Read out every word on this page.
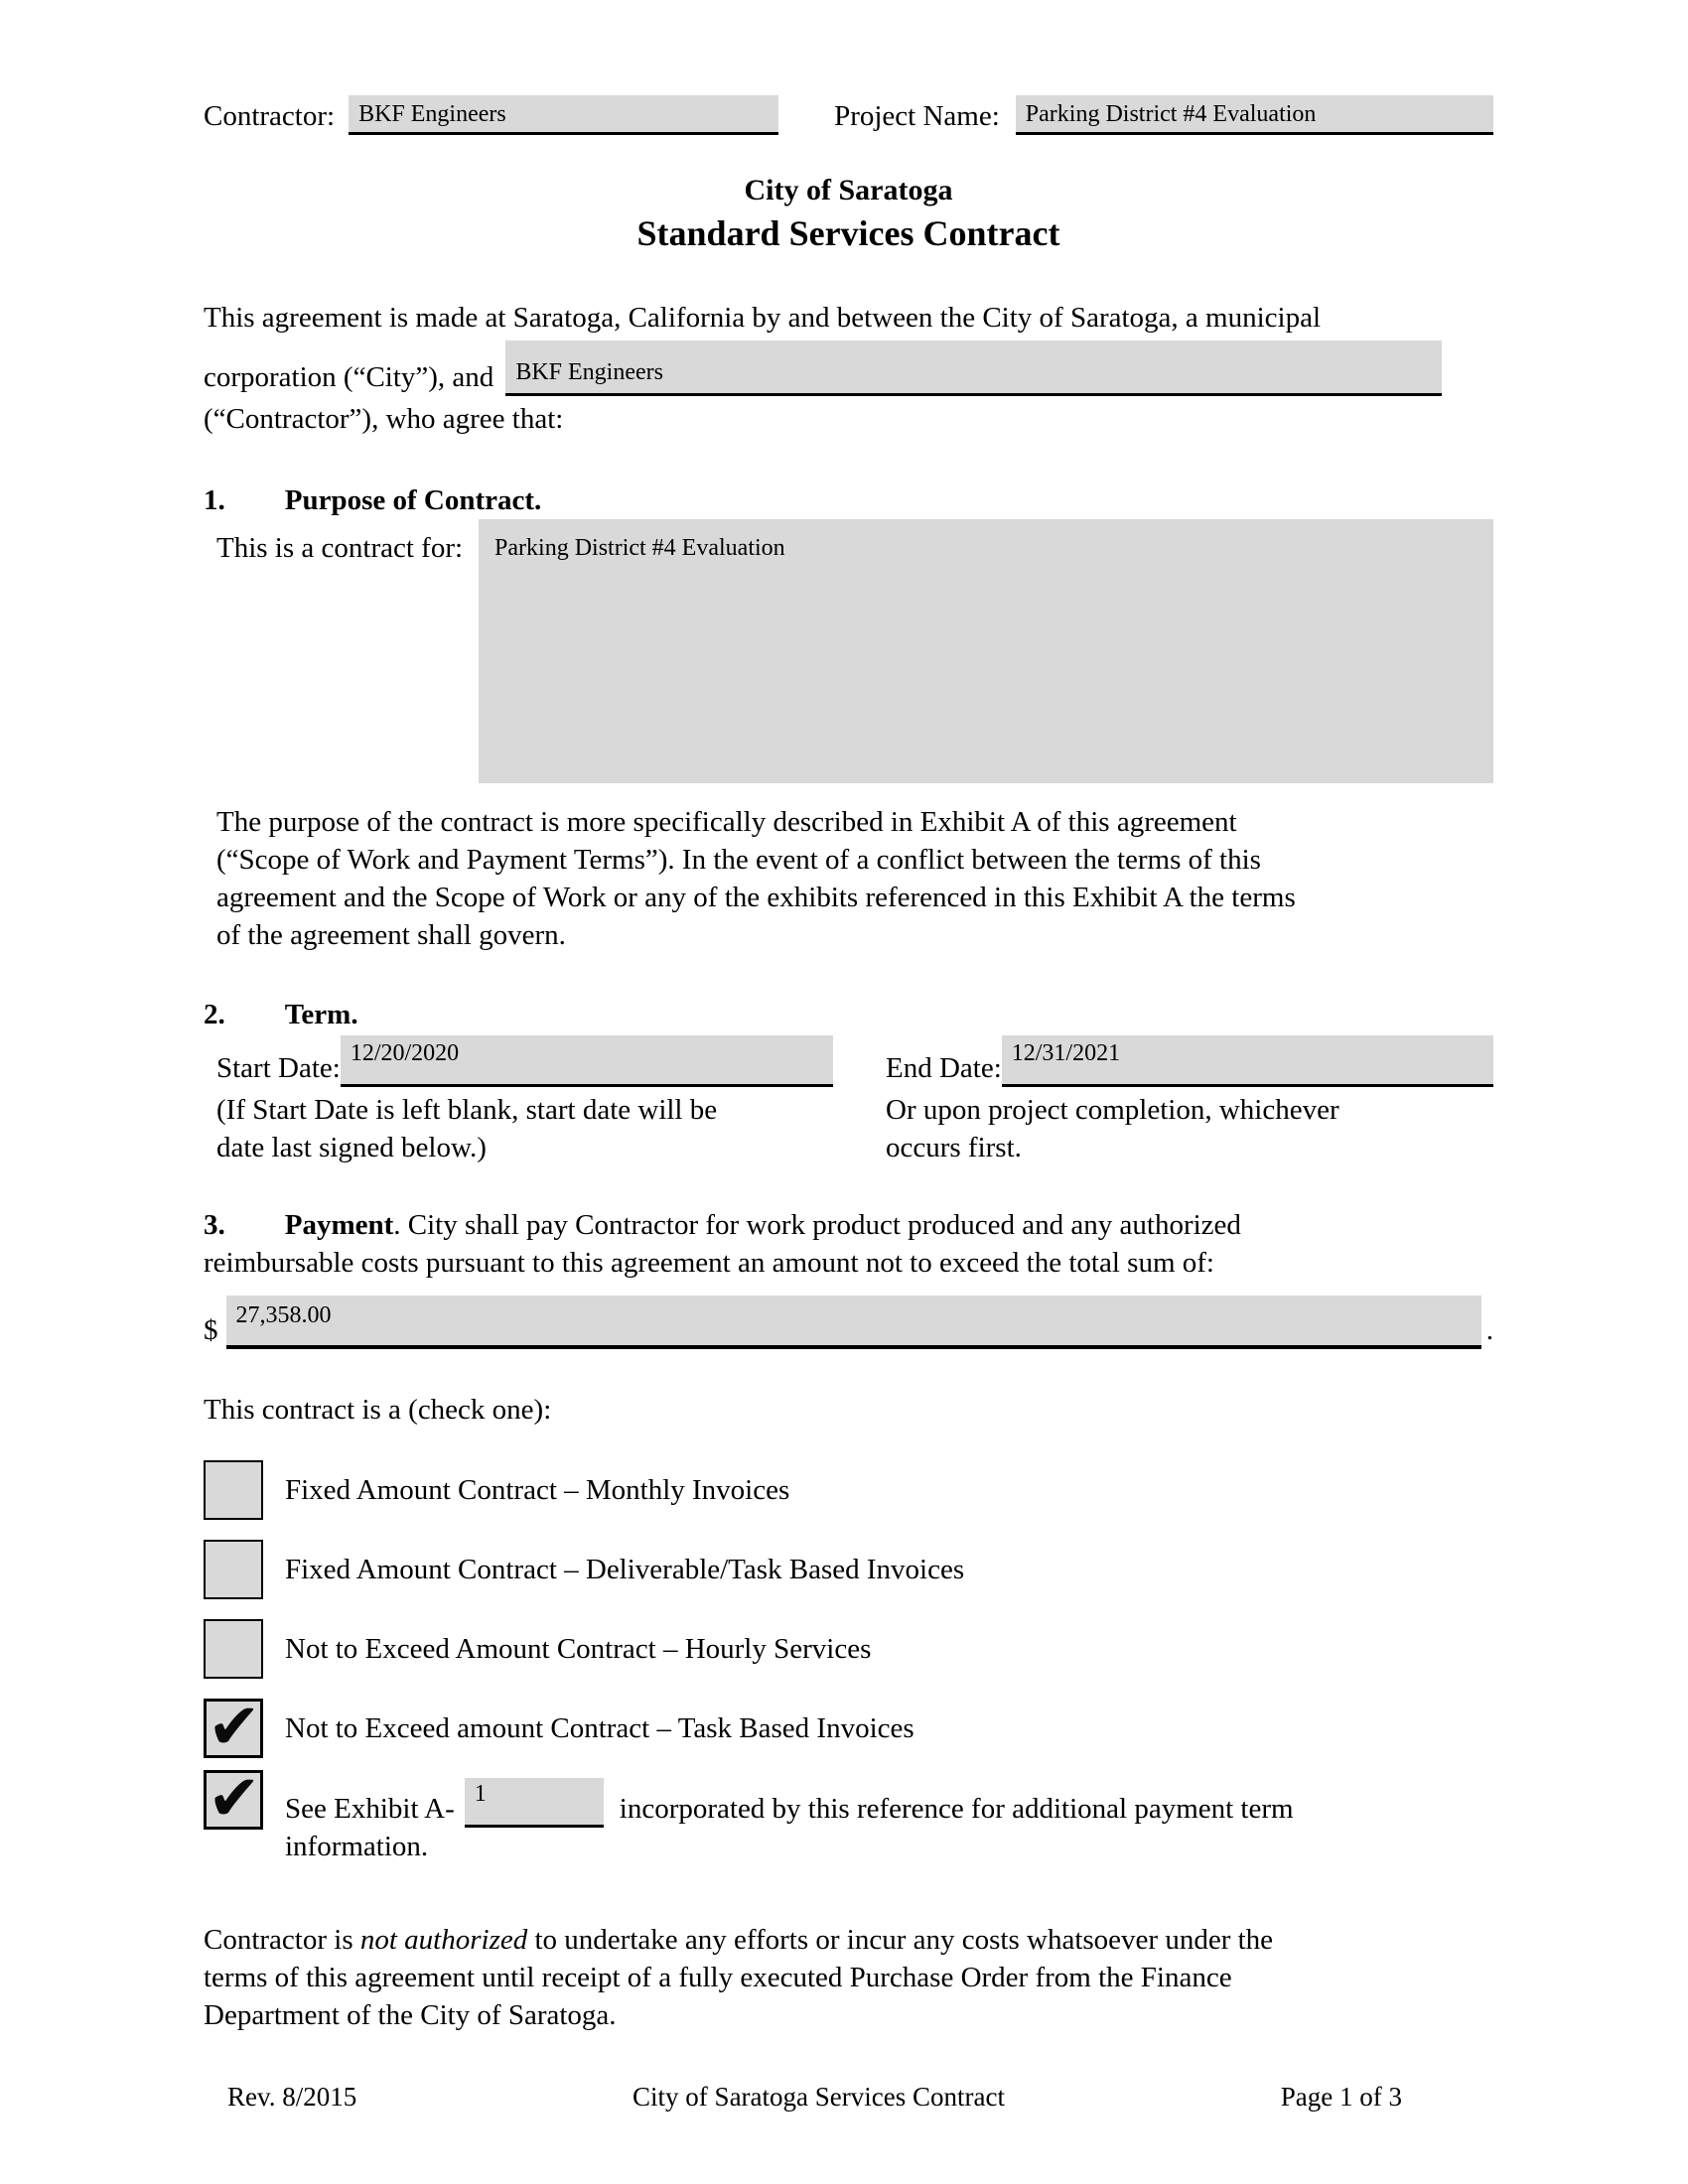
Contractor: BKF Engineers	Project Name: Parking District #4 Evaluation
City of Saratoga
Standard Services Contract
This agreement is made at Saratoga, California by and between the City of Saratoga, a municipal
corporation (“City”), and BKF Engineers
(“Contractor”), who agree that:
1. Purpose of Contract.
This is a contract for:	Parking District #4 Evaluation
The purpose of the contract is more specifically described in Exhibit A of this agreement
(“Scope of Work and Payment Terms”). In the event of a conflict between the terms of this
agreement and the Scope of Work or any of the exhibits referenced in this Exhibit A the terms
of the agreement shall govern.
2. Term.
Start Date: 12/20/2020
(If Start Date is left blank, start date will be
date last signed below.)
End Date: 12/31/2021
Or upon project completion, whichever
occurs first.
3. Payment. City shall pay Contractor for work product produced and any authorized
reimbursable costs pursuant to this agreement an amount not to exceed the total sum of:
$ 27,358.00	.
This contract is a (check one):
Fixed Amount Contract – Monthly Invoices
Fixed Amount Contract – Deliverable/Task Based Invoices
Not to Exceed Amount Contract – Hourly Services
✔ Not to Exceed amount Contract – Task Based Invoices
✔ See Exhibit A- 1	incorporated by this reference for additional payment term
information.
Contractor is not authorized to undertake any efforts or incur any costs whatsoever under the
terms of this agreement until receipt of a fully executed Purchase Order from the Finance
Department of the City of Saratoga.
Rev. 8/2015	City of Saratoga Services Contract	Page 1 of 3
